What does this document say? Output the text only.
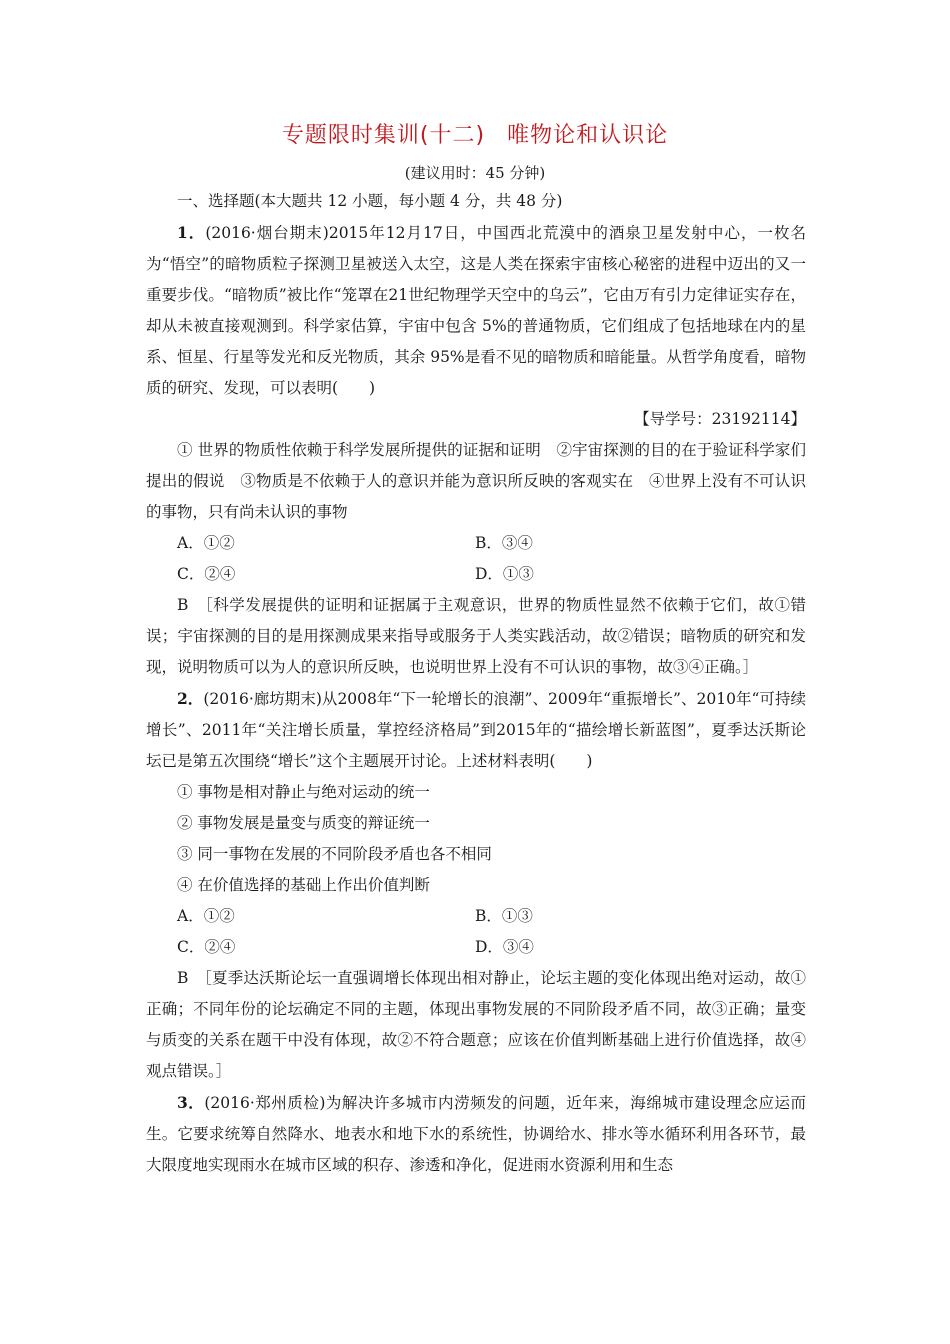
专题限时集训(十二) 唯物论和认识论
(建议用时：45 分钟)

一、选择题(本大题共 12 小题，每小题 4 分，共 48 分)

1．(2016·烟台期末)2015年12月17日，中国西北荒漠中的酒泉卫星发射中心，一枚名为“悟空”的暗物质粒子探测卫星被送入太空，这是人类在探索宇宙核心秘密的进程中迈出的又一重要步伐。“暗物质”被比作“笼罩在21世纪物理学天空中的乌云”，它由万有引力定律证实存在，却从未被直接观测到。科学家估算，宇宙中包含 5%的普通物质，它们组成了包括地球在内的星系、恒星、行星等发光和反光物质，其余 95%是看不见的暗物质和暗能量。从哲学角度看，暗物质的研究、发现，可以表明(　　)

【导学号：23192114】

① 世界的物质性依赖于科学发展所提供的证据和证明　②宇宙探测的目的在于验证科学家们提出的假说　③物质是不依赖于人的意识并能为意识所反映的客观实在　④世界上没有不可认识的事物，只有尚未认识的事物

A．①②	B．③④
C．②④	D．①③

B　 ［科学发展提供的证明和证据属于主观意识，世界的物质性显然不依赖于它们，故①错误；宇宙探测的目的是用探测成果来指导或服务于人类实践活动，故②错误；暗物质的研究和发现，说明物质可以为人的意识所反映，也说明世界上没有不可认识的事物，故③④正确。］

2．(2016·廊坊期末)从2008年“下一轮增长的浪潮”、2009年“重振增长”、2010年“可持续增长”、2011年“关注增长质量，掌控经济格局”到2015年的“描绘增长新蓝图”，夏季达沃斯论坛已是第五次围绕“增长”这个主题展开讨论。上述材料表明(　　)

① 事物是相对静止与绝对运动的统一

② 事物发展是量变与质变的辩证统一

③ 同一事物在发展的不同阶段矛盾也各不相同

④ 在价值选择的基础上作出价值判断

A．①②	B．①③
C．②④	D．③④

B　 ［夏季达沃斯论坛一直强调增长体现出相对静止，论坛主题的变化体现出绝对运动，故①正确；不同年份的论坛确定不同的主题，体现出事物发展的不同阶段矛盾不同，故③正确；量变与质变的关系在题干中没有体现，故②不符合题意；应该在价值判断基础上进行价值选择，故④观点错误。］

3．(2016·郑州质检)为解决许多城市内涝频发的问题，近年来，海绵城市建设理念应运而生。它要求统筹自然降水、地表水和地下水的系统性，协调给水、排水等水循环利用各环节，最大限度地实现雨水在城市区域的积存、渗透和净化，促进雨水资源利用和生态
